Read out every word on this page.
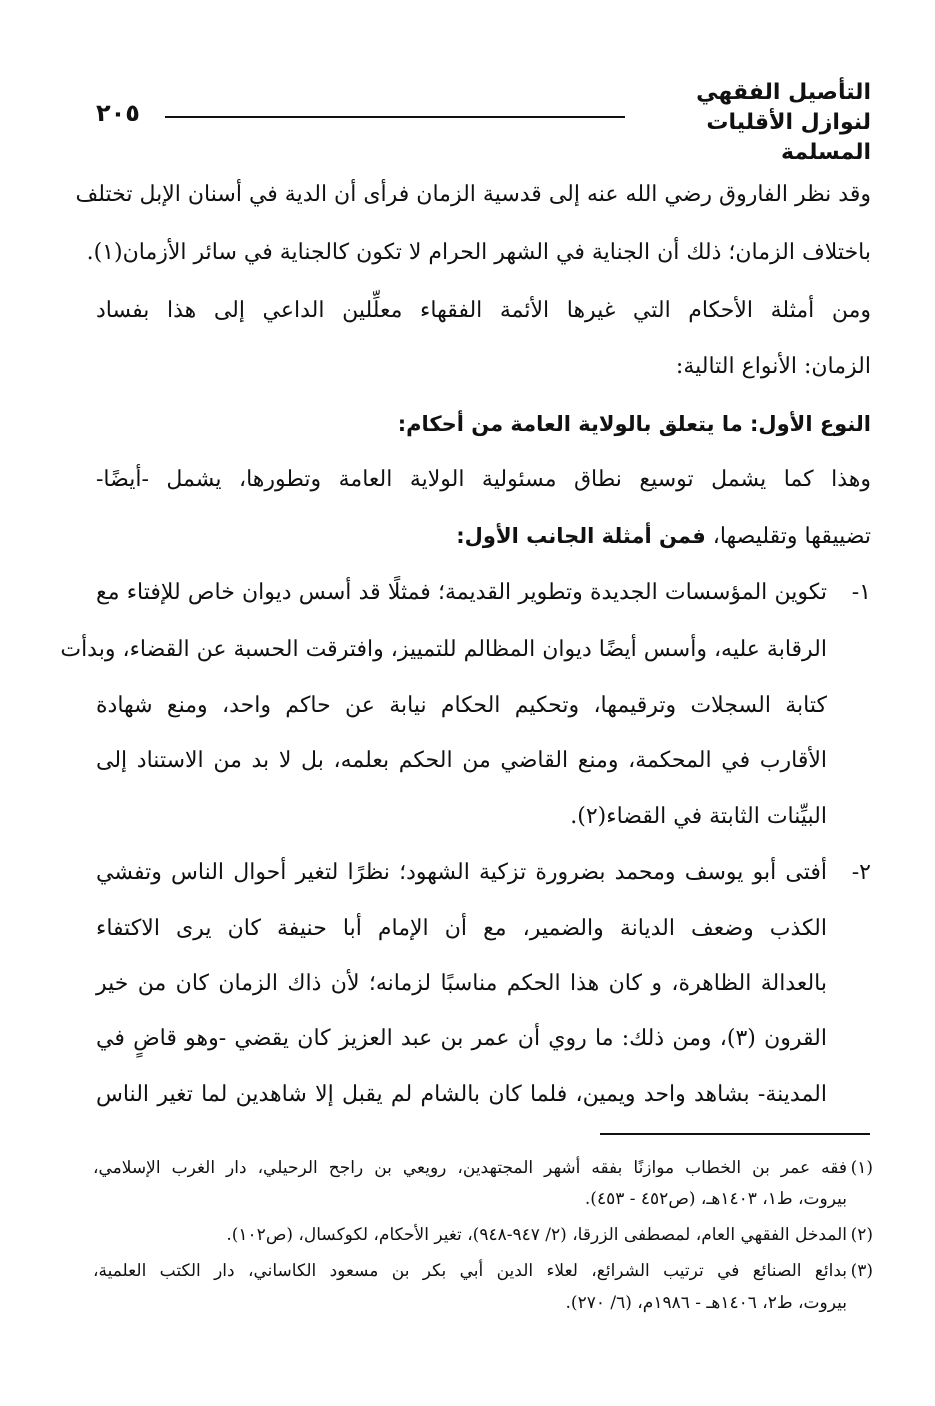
التأصيل الفقهي
لنوازل الأقليات المسلمة
٢٠٥
وقد نظر الفاروق رضي الله عنه إلى قدسية الزمان فرأى أن الدية في أسنان الإبل تختلف
باختلاف الزمان؛ ذلك أن الجناية في الشهر الحرام لا تكون كالجناية في سائر الأزمان(١).
ومن أمثلة الأحكام التي غيرها الأئمة الفقهاء معلِّلين الداعي إلى هذا بفساد
الزمان: الأنواع التالية:
النوع الأول: ما يتعلق بالولاية العامة من أحكام:
وهذا كما يشمل توسيع نطاق مسئولية الولاية العامة وتطورها، يشمل -أيضًا-
تضييقها وتقليصها، فمن أمثلة الجانب الأول:
١-
تكوين المؤسسات الجديدة وتطوير القديمة؛ فمثلًا قد أسس ديوان خاص للإفتاء مع
الرقابة عليه، وأسس أيضًا ديوان المظالم للتمييز، وافترقت الحسبة عن القضاء، وبدأت
كتابة السجلات وترقيمها، وتحكيم الحكام نيابة عن حاكم واحد، ومنع شهادة
الأقارب في المحكمة، ومنع القاضي من الحكم بعلمه، بل لا بد من الاستناد إلى
البيِّنات الثابتة في القضاء(٢).
٢-
أفتى أبو يوسف ومحمد بضرورة تزكية الشهود؛ نظرًا لتغير أحوال الناس وتفشي
الكذب وضعف الديانة والضمير، مع أن الإمام أبا حنيفة كان يرى الاكتفاء
بالعدالة الظاهرة، و كان هذا الحكم مناسبًا لزمانه؛ لأن ذاك الزمان كان من خير
القرون (٣)، ومن ذلك: ما روي أن عمر بن عبد العزيز كان يقضي -وهو قاضٍ في
المدينة- بشاهد واحد ويمين، فلما كان بالشام لم يقبل إلا شاهدين لما تغير الناس
(١)
فقه عمر بن الخطاب موازنًا بفقه أشهر المجتهدين، رويعي بن راجح الرحيلي، دار الغرب الإسلامي،
بيروت، ط١، ١٤٠٣هـ، (ص٤٥٢ - ٤٥٣).
(٢)
المدخل الفقهي العام، لمصطفى الزرقا، (٢/ ٩٤٧-٩٤٨)، تغير الأحكام، لكوكسال، (ص١٠٢).
(٣)
بدائع الصنائع في ترتيب الشرائع، لعلاء الدين أبي بكر بن مسعود الكاساني، دار الكتب العلمية،
بيروت، ط٢، ١٤٠٦هـ - ١٩٨٦م، (٦/ ٢٧٠).
